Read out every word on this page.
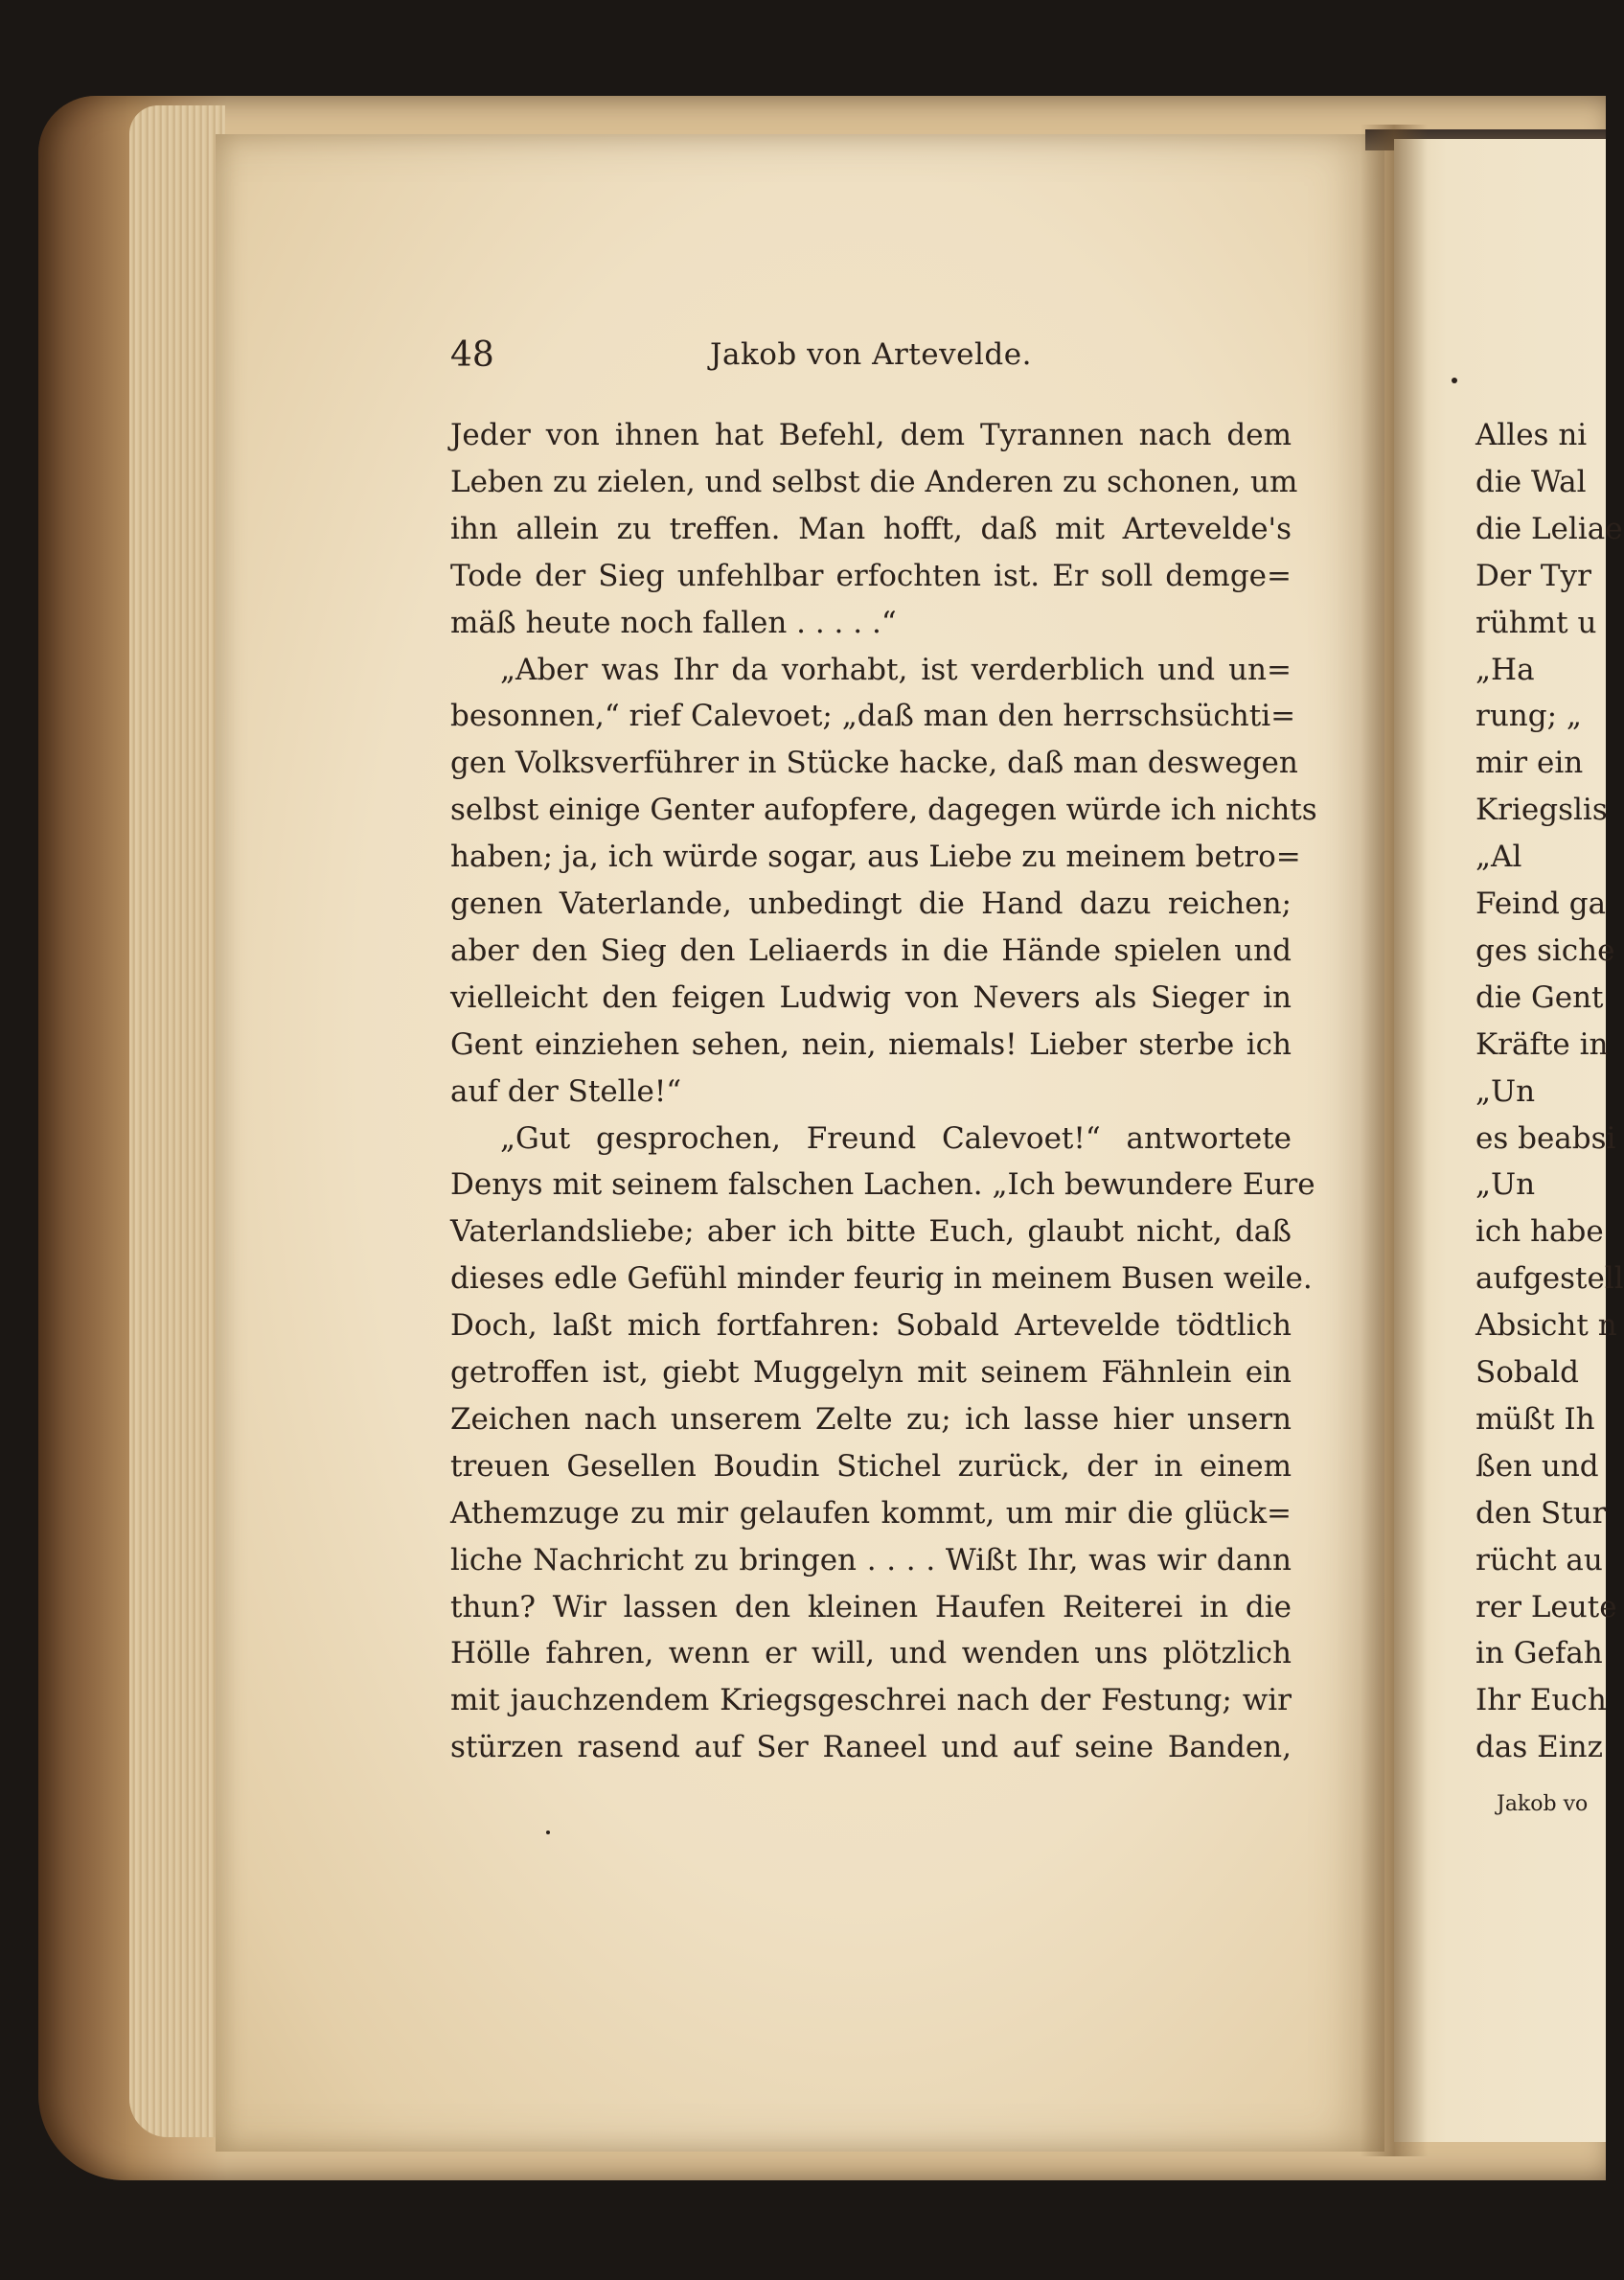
48	Jakob von Artevelde.
Jeder von ihnen hat Befehl, dem Tyrannen nach dem
Leben zu zielen, und selbst die Anderen zu schonen, um
ihn allein zu treffen. Man hofft, daß mit Artevelde's
Tode der Sieg unfehlbar erfochten ist. Er soll demge=
mäß heute noch fallen . . . . .“
„Aber was Ihr da vorhabt, ist verderblich und un=
besonnen,“ rief Calevoet; „daß man den herrschsüchti=
gen Volksverführer in Stücke hacke, daß man deswegen
selbst einige Genter aufopfere, dagegen würde ich nichts
haben; ja, ich würde sogar, aus Liebe zu meinem betro=
genen Vaterlande, unbedingt die Hand dazu reichen;
aber den Sieg den Leliaerds in die Hände spielen und
vielleicht den feigen Ludwig von Nevers als Sieger in
Gent einziehen sehen, nein, niemals! Lieber sterbe ich
auf der Stelle!“
„Gut gesprochen, Freund Calevoet!“ antwortete
Denys mit seinem falschen Lachen. „Ich bewundere Eure
Vaterlandsliebe; aber ich bitte Euch, glaubt nicht, daß
dieses edle Gefühl minder feurig in meinem Busen weile.
Doch, laßt mich fortfahren: Sobald Artevelde tödtlich
getroffen ist, giebt Muggelyn mit seinem Fähnlein ein
Zeichen nach unserem Zelte zu; ich lasse hier unsern
treuen Gesellen Boudin Stichel zurück, der in einem
Athemzuge zu mir gelaufen kommt, um mir die glück=
liche Nachricht zu bringen . . . . Wißt Ihr, was wir dann
thun? Wir lassen den kleinen Haufen Reiterei in die
Hölle fahren, wenn er will, und wenden uns plötzlich
mit jauchzendem Kriegsgeschrei nach der Festung; wir
stürzen rasend auf Ser Raneel und auf seine Banden,
Alles ni
die Wal
die Leliae
Der Tyr
rühmt u
„Ha
rung; „
mir ein
Kriegslis
„Al
Feind ga
ges siche
die Gent
Kräfte in
„Un
es beabsi
„Un
ich habe
aufgestell
Absicht n
Sobald
müßt Ih
ßen und
den Stur
rücht au
rer Leute
in Gefah
Ihr Euch
das Einz
Jakob vo
